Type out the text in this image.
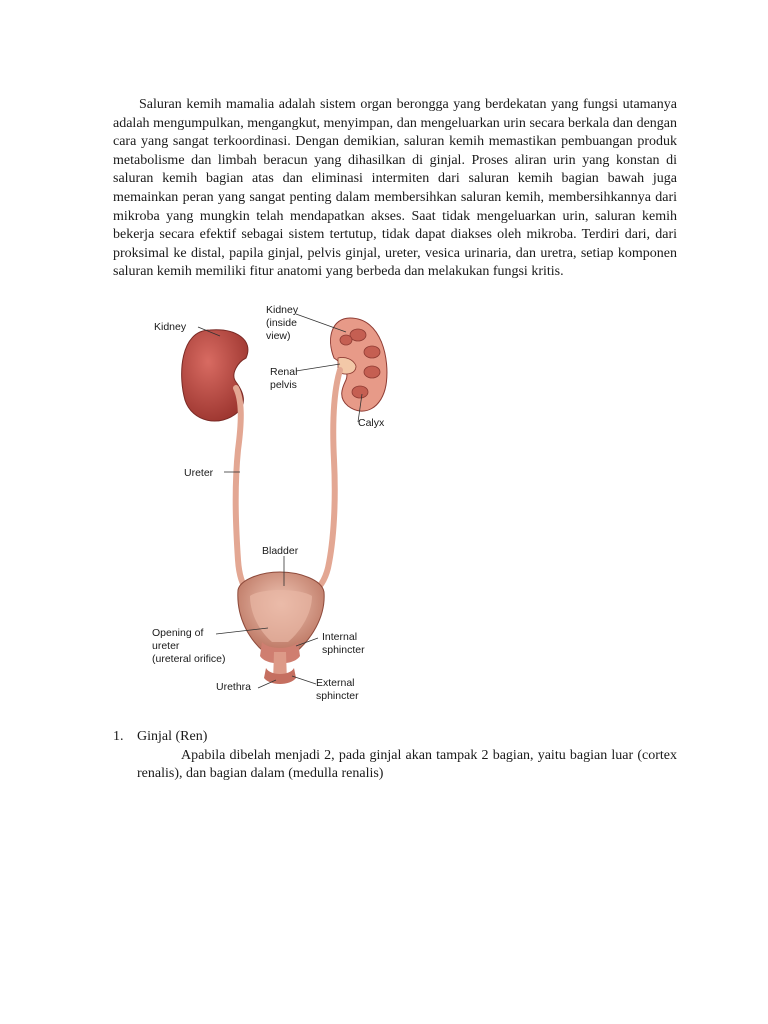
Saluran kemih mamalia adalah sistem organ berongga yang berdekatan yang fungsi utamanya adalah mengumpulkan, mengangkut, menyimpan, dan mengeluarkan urin secara berkala dan dengan cara yang sangat terkoordinasi. Dengan demikian, saluran kemih memastikan pembuangan produk metabolisme dan limbah beracun yang dihasilkan di ginjal. Proses aliran urin yang konstan di saluran kemih bagian atas dan eliminasi intermiten dari saluran kemih bagian bawah juga memainkan peran yang sangat penting dalam membersihkan saluran kemih, membersihkannya dari mikroba yang mungkin telah mendapatkan akses. Saat tidak mengeluarkan urin, saluran kemih bekerja secara efektif sebagai sistem tertutup, tidak dapat diakses oleh mikroba. Terdiri dari, dari proksimal ke distal, papila ginjal, pelvis ginjal, ureter, vesica urinaria, dan uretra, setiap komponen saluran kemih memiliki fitur anatomi yang berbeda dan melakukan fungsi kritis.

Kidney
Kidney
(inside
view)
Renal
pelvis
Calyx
Ureter
Bladder
Opening of
ureter
(ureteral orifice)
Internal
sphincter
Urethra	External
sphincter
1. Ginjal (Ren)

Apabila dibelah menjadi 2, pada ginjal akan tampak 2 bagian, yaitu bagian luar (cortex renalis), dan bagian dalam (medulla renalis)
